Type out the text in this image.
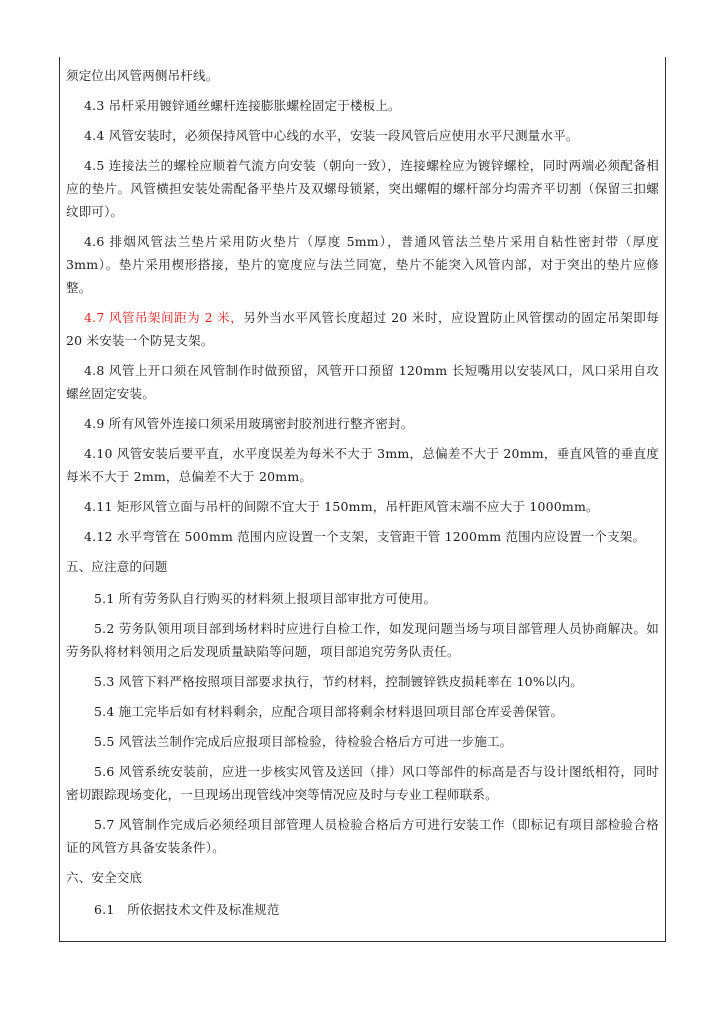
须定位出风管两侧吊杆线。

4.3 吊杆采用镀锌通丝螺杆连接膨胀螺栓固定于楼板上。

4.4 风管安装时，必须保持风管中心线的水平，安装一段风管后应使用水平尺测量水平。

4.5 连接法兰的螺栓应顺着气流方向安装（朝向一致），连接螺栓应为镀锌螺栓，同时两端必须配备相应的垫片。风管横担安装处需配备平垫片及双螺母锁紧，突出螺帽的螺杆部分均需齐平切割（保留三扣螺纹即可）。

4.6 排烟风管法兰垫片采用防火垫片（厚度 5mm），普通风管法兰垫片采用自粘性密封带（厚度 3mm）。垫片采用楔形搭接，垫片的宽度应与法兰同宽，垫片不能突入风管内部，对于突出的垫片应修整。

4.7 风管吊架间距为 2 米，另外当水平风管长度超过 20 米时，应设置防止风管摆动的固定吊架即每 20 米安装一个防晃支架。

4.8 风管上开口须在风管制作时做预留，风管开口预留 120mm 长短嘴用以安装风口，风口采用自攻螺丝固定安装。

4.9 所有风管外连接口须采用玻璃密封胶剂进行整齐密封。

4.10 风管安装后要平直，水平度误差为每米不大于 3mm，总偏差不大于 20mm，垂直风管的垂直度每米不大于 2mm，总偏差不大于 20mm。

4.11 矩形风管立面与吊杆的间隙不宜大于 150mm，吊杆距风管末端不应大于 1000mm。

4.12 水平弯管在 500mm 范围内应设置一个支架，支管距干管 1200mm 范围内应设置一个支架。

五、应注意的问题

5.1 所有劳务队自行购买的材料须上报项目部审批方可使用。

5.2 劳务队领用项目部到场材料时应进行自检工作，如发现问题当场与项目部管理人员协商解决。如劳务队将材料领用之后发现质量缺陷等问题，项目部追究劳务队责任。

5.3 风管下料严格按照项目部要求执行，节约材料，控制镀锌铁皮损耗率在 10%以内。

5.4 施工完毕后如有材料剩余，应配合项目部将剩余材料退回项目部仓库妥善保管。

5.5 风管法兰制作完成后应报项目部检验，待检验合格后方可进一步施工。

5.6 风管系统安装前，应进一步核实风管及送回（排）风口等部件的标高是否与设计图纸相符，同时密切跟踪现场变化，一旦现场出现管线冲突等情况应及时与专业工程师联系。

5.7 风管制作完成后必须经项目部管理人员检验合格后方可进行安装工作（即标记有项目部检验合格证的风管方具备安装条件）。

六、安全交底

6.1　所依据技术文件及标准规范
